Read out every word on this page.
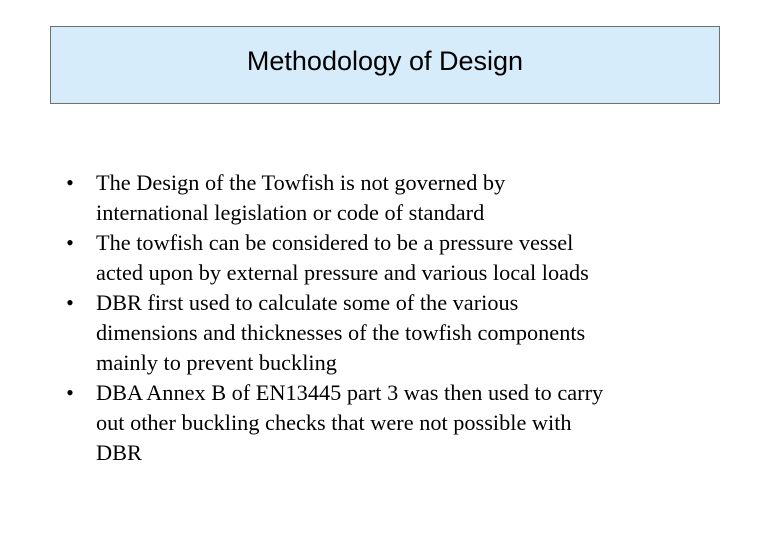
Methodology of Design
• The Design of the Towfish is not governed by
international legislation or code of standard
• The towfish can be considered to be a pressure vessel
acted upon by external pressure and various local loads
• DBR first used to calculate some of the various
dimensions and thicknesses of the towfish components
mainly to prevent buckling
• DBA Annex B of EN13445 part 3 was then used to carry
out other buckling checks that were not possible with
DBR
